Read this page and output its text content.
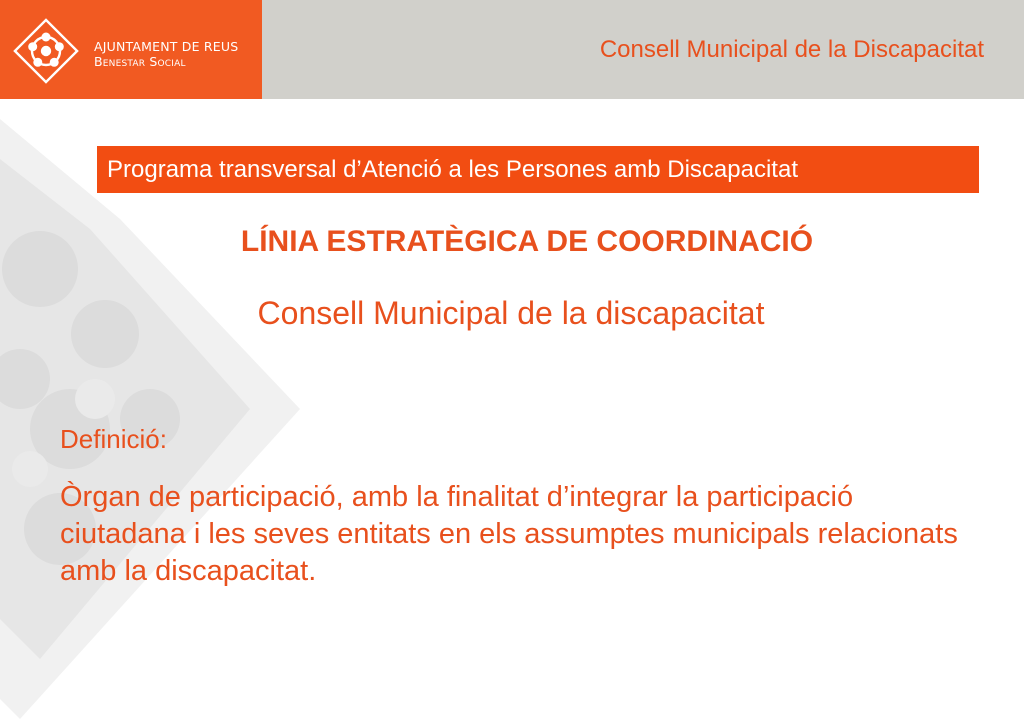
AJUNTAMENT DE REUS
Benestar Social	Consell Municipal de la Discapacitat
Programa transversal d’Atenció a les Persones amb Discapacitat
LÍNIA ESTRATÈGICA DE COORDINACIÓ
Consell Municipal de la discapacitat
Definició:
Òrgan de participació, amb la finalitat d’integrar la participació ciutadana i les seves entitats en els assumptes municipals relacionats amb la discapacitat.
